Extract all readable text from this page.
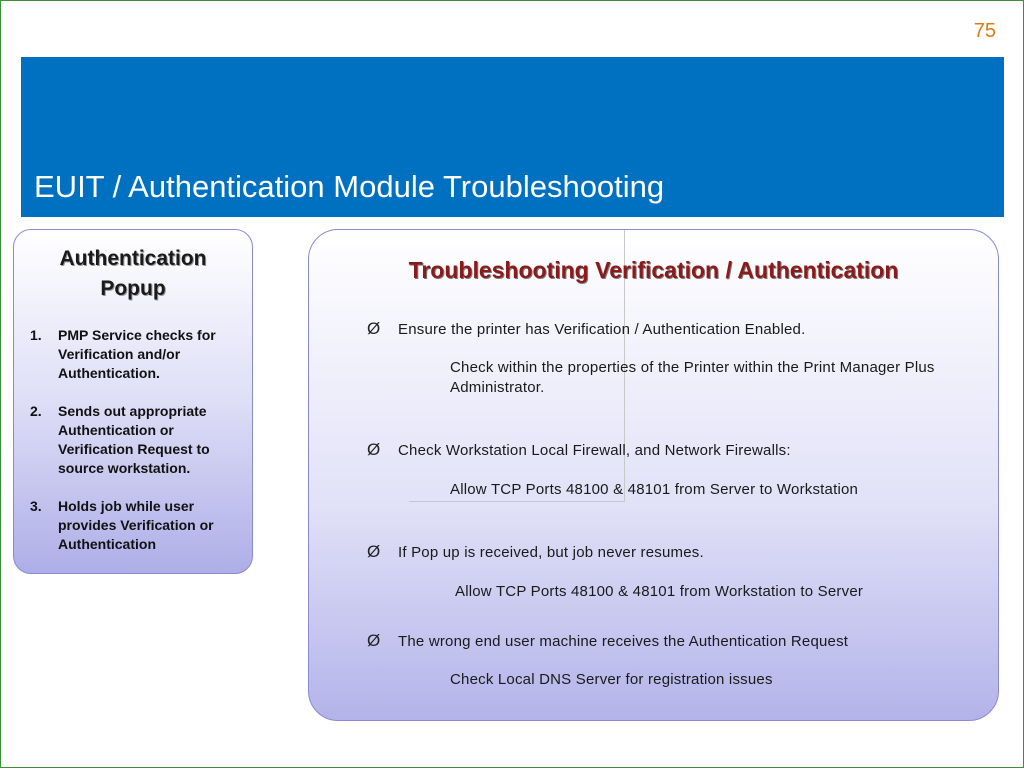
75
EUIT / Authentication Module Troubleshooting
Authentication
Popup
1. PMP Service checks for Verification and/or Authentication.
2. Sends out appropriate Authentication or Verification Request to source workstation.
3. Holds job while user provides Verification or Authentication
Troubleshooting Verification / Authentication
Ø Ensure the printer has Verification / Authentication Enabled.
Check within the properties of the Printer within the Print Manager Plus Administrator.
Ø Check Workstation Local Firewall, and Network Firewalls:
Allow TCP Ports 48100 & 48101 from Server to Workstation
Ø If Pop up is received, but job never resumes.
Allow TCP Ports 48100 & 48101 from Workstation to Server
Ø The wrong end user machine receives the Authentication Request
Check Local DNS Server for registration issues
